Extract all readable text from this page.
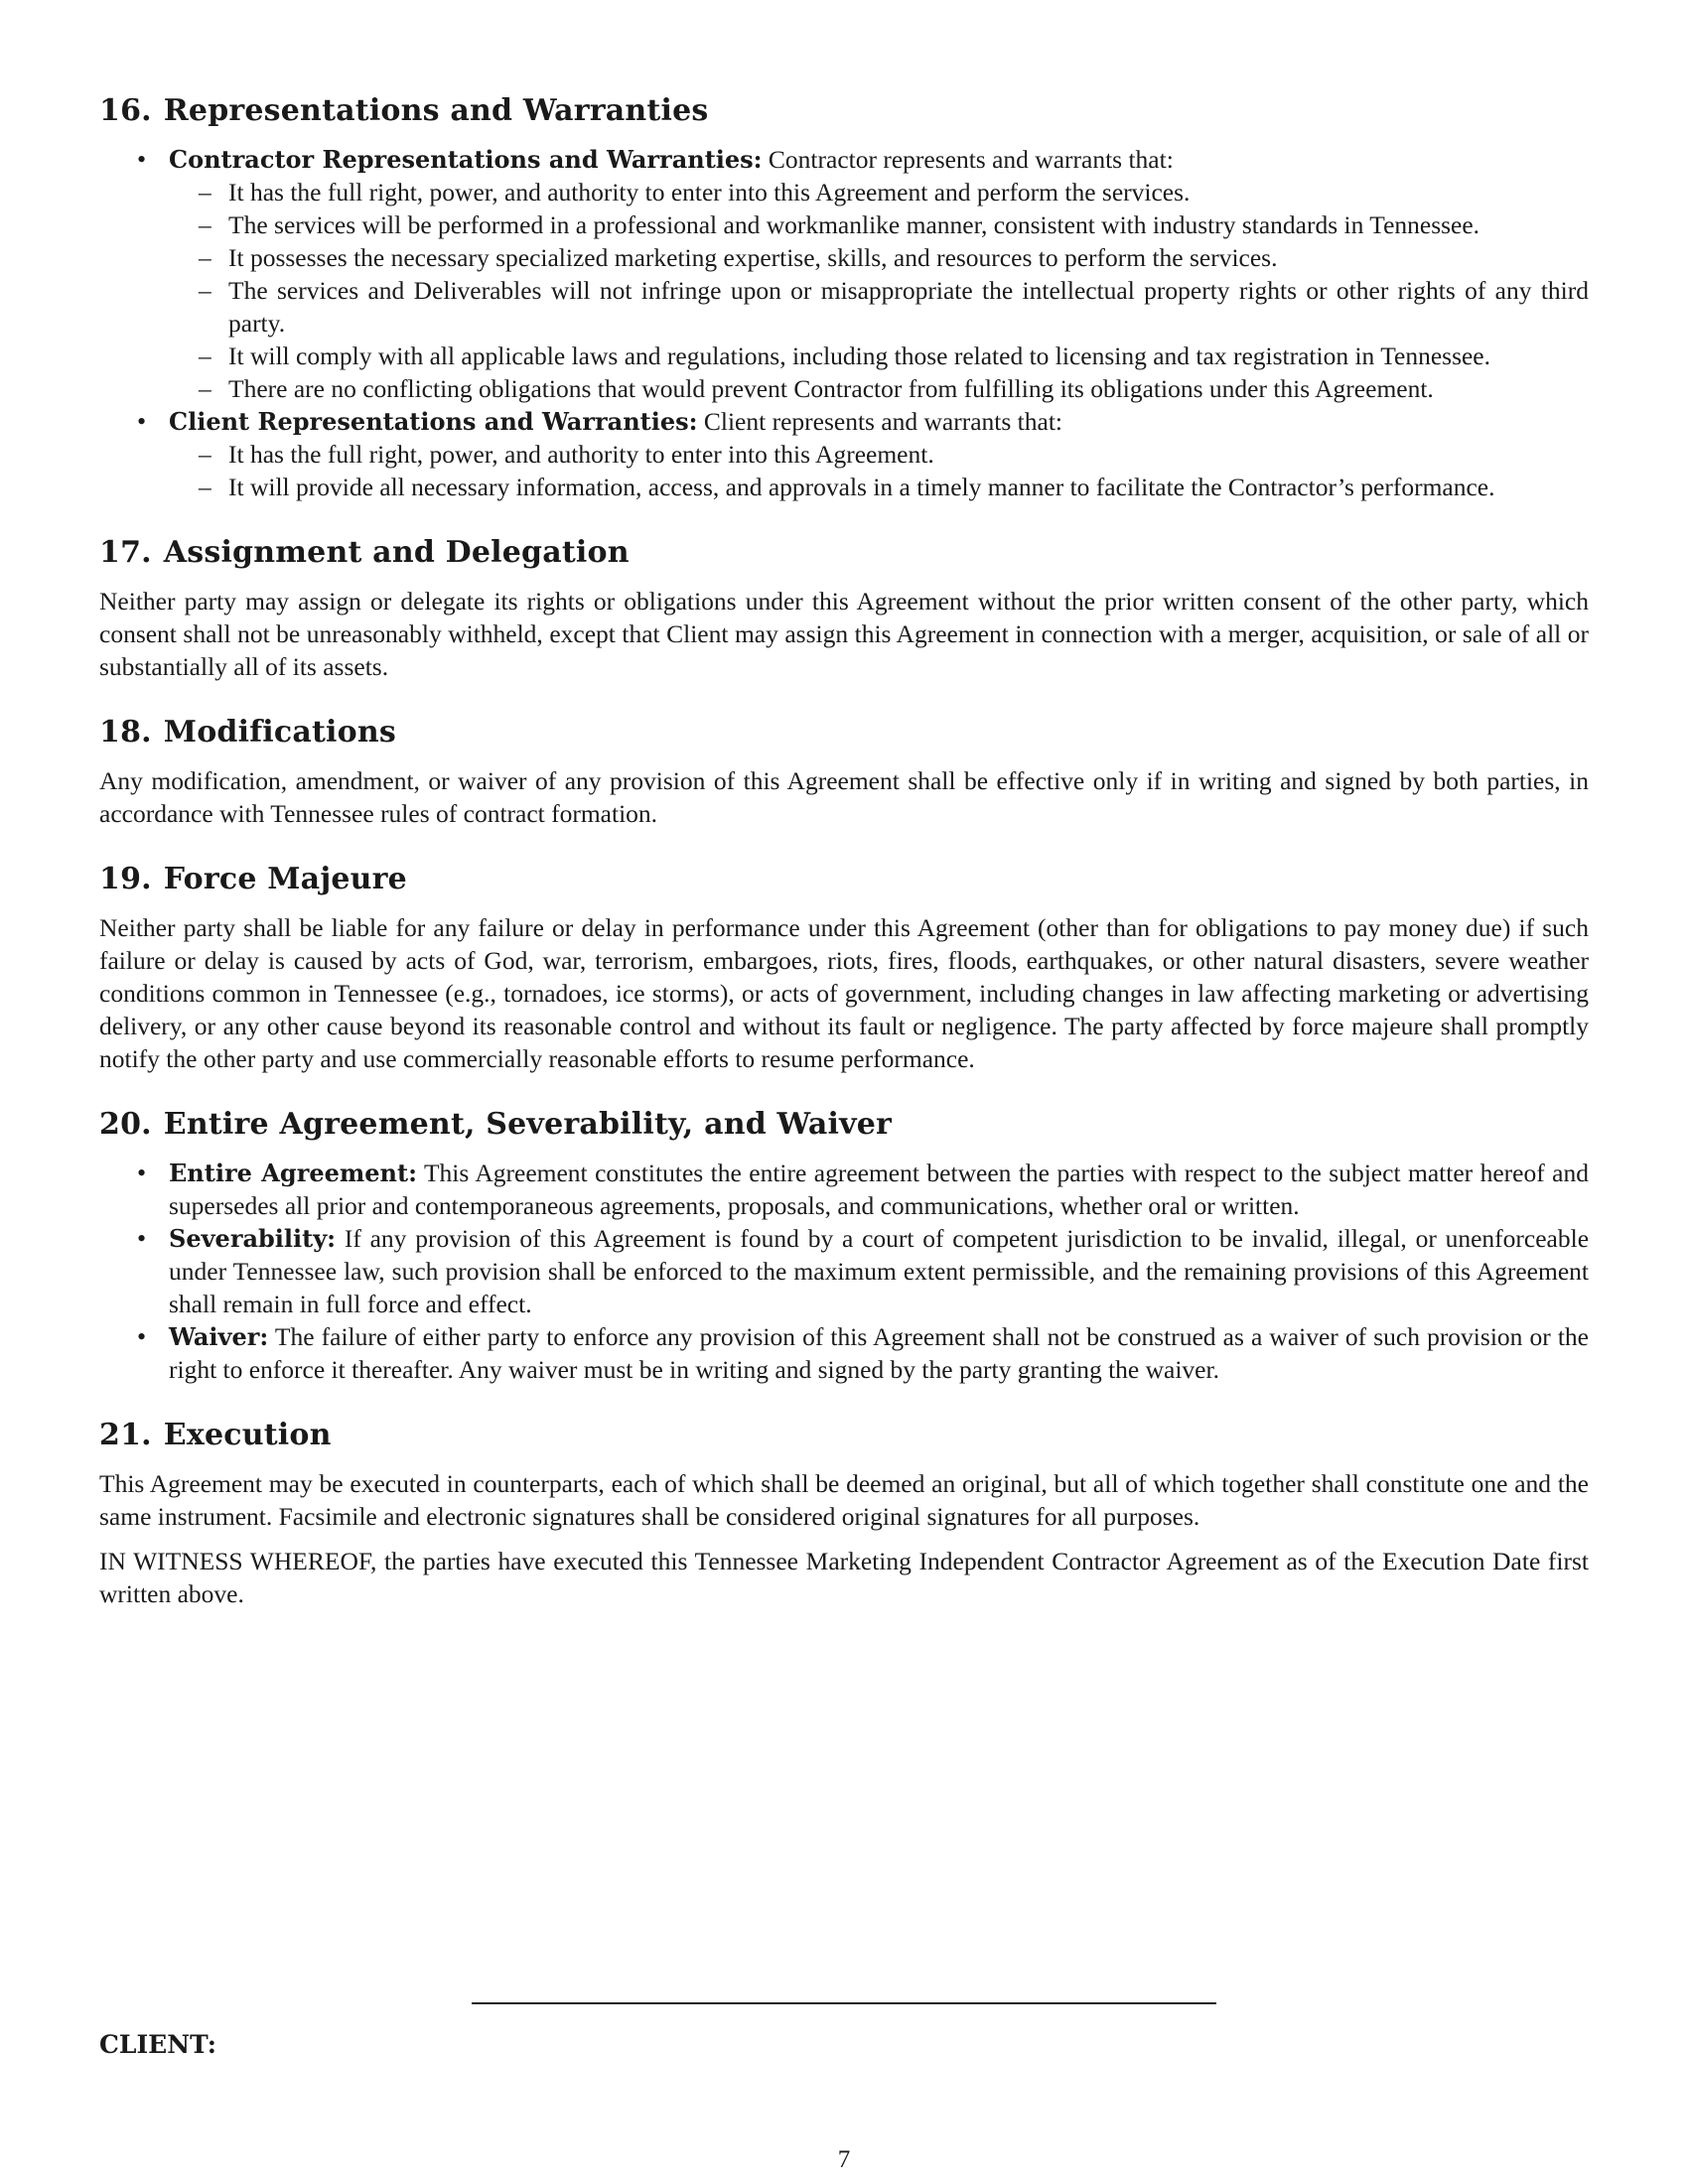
16. Representations and Warranties
• Contractor Representations and Warranties: Contractor represents and warrants that:
– It has the full right, power, and authority to enter into this Agreement and perform the services.
– The services will be performed in a professional and workmanlike manner, consistent with industry standards in Tennessee.
– It possesses the necessary specialized marketing expertise, skills, and resources to perform the services.
– The services and Deliverables will not infringe upon or misappropriate the intellectual property rights or other rights of any third party.
– It will comply with all applicable laws and regulations, including those related to licensing and tax registration in Tennessee.
– There are no conflicting obligations that would prevent Contractor from fulfilling its obligations under this Agreement.
• Client Representations and Warranties: Client represents and warrants that:
– It has the full right, power, and authority to enter into this Agreement.
– It will provide all necessary information, access, and approvals in a timely manner to facilitate the Contractor’s performance.
17. Assignment and Delegation

Neither party may assign or delegate its rights or obligations under this Agreement without the prior written consent of the other party, which consent shall not be unreasonably withheld, except that Client may assign this Agreement in connection with a merger, acquisition, or sale of all or substantially all of its assets.

18. Modifications

Any modification, amendment, or waiver of any provision of this Agreement shall be effective only if in writing and signed by both parties, in accordance with Tennessee rules of contract formation.

19. Force Majeure

Neither party shall be liable for any failure or delay in performance under this Agreement (other than for obligations to pay money due) if such failure or delay is caused by acts of God, war, terrorism, embargoes, riots, fires, floods, earthquakes, or other natural disasters, severe weather conditions common in Tennessee (e.g., tornadoes, ice storms), or acts of government, including changes in law affecting marketing or advertising delivery, or any other cause beyond its reasonable control and without its fault or negligence. The party affected by force majeure shall promptly notify the other party and use commercially reasonable efforts to resume performance.

20. Entire Agreement, Severability, and Waiver
• Entire Agreement: This Agreement constitutes the entire agreement between the parties with respect to the subject matter hereof and supersedes all prior and contemporaneous agreements, proposals, and communications, whether oral or written.
• Severability: If any provision of this Agreement is found by a court of competent jurisdiction to be invalid, illegal, or unenforceable under Tennessee law, such provision shall be enforced to the maximum extent permissible, and the remaining provisions of this Agreement shall remain in full force and effect.
• Waiver: The failure of either party to enforce any provision of this Agreement shall not be construed as a waiver of such provision or the right to enforce it thereafter. Any waiver must be in writing and signed by the party granting the waiver.
21. Execution

This Agreement may be executed in counterparts, each of which shall be deemed an original, but all of which together shall constitute one and the same instrument. Facsimile and electronic signatures shall be considered original signatures for all purposes.

IN WITNESS WHEREOF, the parties have executed this Tennessee Marketing Independent Contractor Agreement as of the Execution Date first written above.

CLIENT:
7
